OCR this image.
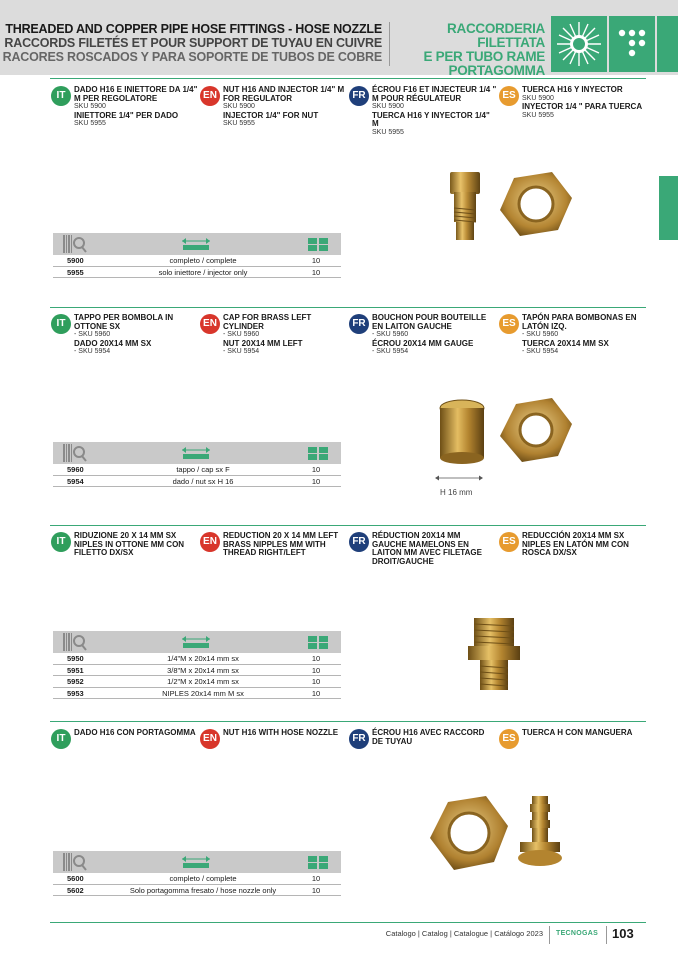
THREADED AND COPPER PIPE HOSE FITTINGS - HOSE NOZZLE
RACCORDS FILETÉS ET POUR SUPPORT DE TUYAU EN CUIVRE
RACORES ROSCADOS Y PARA SOPORTE DE TUBOS DE COBRE
RACCORDERIA FILETTATA
E PER TUBO RAME
PORTAGOMMA
IT
DADO H16 E INIETTORE DA 1/4" M PER REGOLATORE
SKU 5900
INIETTORE 1/4" PER DADO
SKU 5955
EN
NUT H16 AND INJECTOR 1/4" M FOR REGULATOR
SKU 5900
INJECTOR 1/4" FOR NUT
SKU 5955
FR
ÉCROU F16 ET INJECTEUR 1/4 " M POUR RÉGULATEUR
SKU 5900
TUERCA H16 Y INYECTOR 1/4" M
SKU 5955
ES
TUERCA H16 Y INYECTOR
SKU 5900
INYECTOR 1/4 " PARA TUERCA
SKU 5955
5900	completo / complete	10
5955	solo iniettore / injector only	10
IT
TAPPO PER BOMBOLA IN OTTONE SX
- SKU 5960
DADO 20X14 MM SX
- SKU 5954
EN
CAP FOR BRASS LEFT CYLINDER
- SKU 5960
NUT 20X14 MM LEFT
- SKU 5954
FR
BOUCHON POUR BOUTEILLE EN LAITON GAUCHE
- SKU 5960
ÉCROU 20X14 MM GAUGE
- SKU 5954
ES
TAPÓN PARA BOMBONAS EN LATÓN IZQ.
- SKU 5960
TUERCA 20X14 MM SX
- SKU 5954
H 16 mm
5960	tappo / cap sx F	10
5954	dado / nut sx H 16	10
IT
RIDUZIONE 20 X 14 MM SX NIPLES IN OTTONE MM CON FILETTO DX/SX
EN
REDUCTION 20 X 14 MM LEFT BRASS NIPPLES MM WITH THREAD RIGHT/LEFT
FR
RÉDUCTION 20X14 MM GAUCHE MAMELONS EN LAITON MM AVEC FILETAGE DROIT/GAUCHE
ES
REDUCCIÓN 20X14 MM SX NIPLES EN LATÓN MM CON ROSCA DX/SX
5950	1/4"M x 20x14 mm sx	10
5951	3/8"M x 20x14 mm sx	10
5952	1/2"M x 20x14 mm sx	10
5953	NIPLES 20x14 mm M sx	10
IT
DADO H16 CON PORTAGOMMA
EN
NUT H16 WITH HOSE NOZZLE
FR
ÉCROU H16 AVEC RACCORD DE TUYAU	ES
TUERCA H CON MANGUERA
5600	completo / complete	10
5602	Solo portagomma fresato / hose nozzle only	10
Catalogo | Catalog | Catalogue | Catálogo 2023 TECNOGAS 103
